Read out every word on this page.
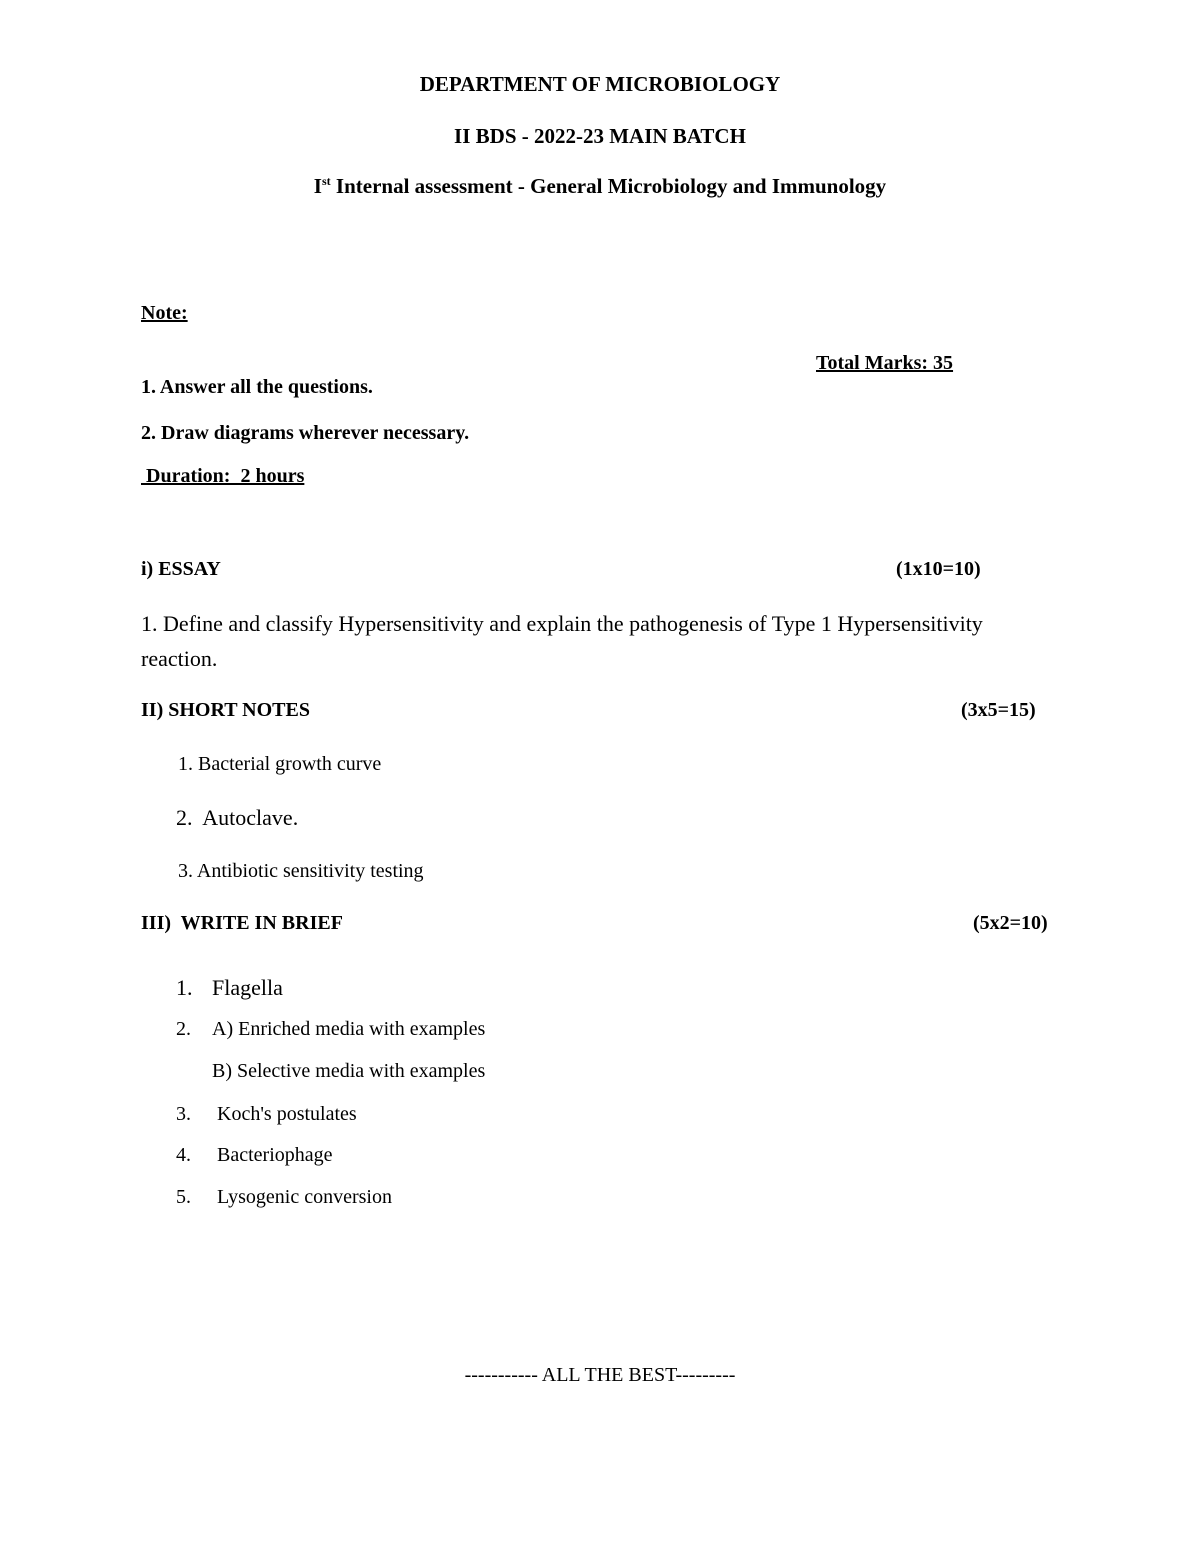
DEPARTMENT OF MICROBIOLOGY
II BDS - 2022-23 MAIN BATCH
Ist Internal assessment - General Microbiology and Immunology
Note:
Total Marks: 35
1. Answer all the questions.
2. Draw diagrams wherever necessary.
Duration:  2 hours
i) ESSAY	(1x10=10)
1. Define and classify Hypersensitivity and explain the pathogenesis of Type 1 Hypersensitivity
reaction.
II) SHORT NOTES	(3x5=15)
1. Bacterial growth curve
2.  Autoclave.
3. Antibiotic sensitivity testing
III)  WRITE IN BRIEF	(5x2=10)
1. Flagella
2. A) Enriched media with examples
B) Selective media with examples
3. Koch's postulates
4. Bacteriophage
5. Lysogenic conversion
----------- ALL THE BEST---------
